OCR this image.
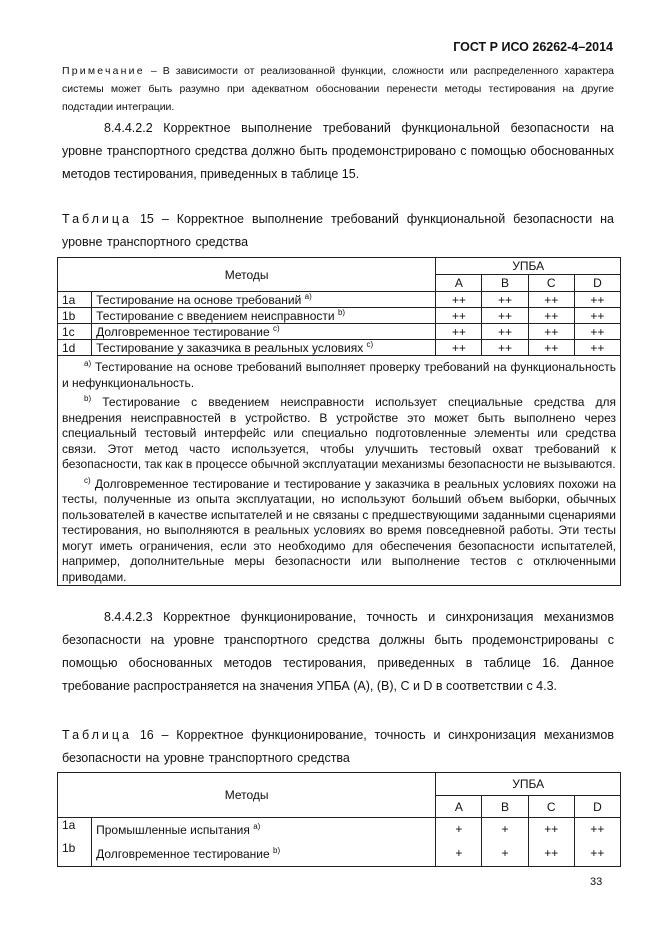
ГОСТ Р ИСО 26262-4–2014
Примечание – В зависимости от реализованной функции, сложности или распределенного характера системы может быть разумно при адекватном обосновании перенести методы тестирования на другие подстадии интеграции.
8.4.4.2.2 Корректное выполнение требований функциональной безопасности на уровне транспортного средства должно быть продемонстрировано с помощью обоснованных методов тестирования, приведенных в таблице 15.
Таблица 15 – Корректное выполнение требований функциональной безопасности на уровне транспортного средства
Методы		УПБА			
		A	B	C	D
1a	Тестирование на основе требований $^{a)}$	++	++	++	++
1b	Тестирование с введением неисправности $^{b)}$	++	++	++	++
1c	Долговременное тестирование $^{c)}$	++	++	++	++
1d	Тестирование у заказчика в реальных условиях $^{c)}$	++	++	++	++

$^{a)}$ Тестирование на основе требований выполняет проверку требований на функциональность и нефункциональность.

$^{b)}$ Тестирование с введением неисправности использует специальные средства для внедрения неисправностей в устройство. В устройстве это может быть выполнено через специальный тестовый интерфейс или специально подготовленные элементы или средства связи. Этот метод часто используется, чтобы улучшить тестовый охват требований к безопасности, так как в процессе обычной эксплуатации механизмы безопасности не вызываются.

$^{c)}$ Долговременное тестирование и тестирование у заказчика в реальных условиях похожи на тесты, полученные из опыта эксплуатации, но используют больший объем выборки, обычных пользователей в качестве испытателей и не связаны с предшествующими заданными сценариями тестирования, но выполняются в реальных условиях во время повседневной работы. Эти тесты могут иметь ограничения, если это необходимо для обеспечения безопасности испытателей, например, дополнительные меры безопасности или выполнение тестов с отключенными приводами.					

8.4.4.2.3 Корректное функционирование, точность и синхронизация механизмов безопасности на уровне транспортного средства должны быть продемонстрированы с помощью обоснованных методов тестирования, приведенных в таблице 16. Данное требование распространяется на значения УПБА (A), (B), C и D в соответствии с 4.3.
Таблица 16 – Корректное функционирование, точность и синхронизация механизмов безопасности на уровне транспортного средства
Методы		УПБА			
		A	B	C	D
1a	Промышленные испытания $^{a)}$	+	+	++	++
1b	Долговременное тестирование $^{b)}$	+	+	++	++
33
